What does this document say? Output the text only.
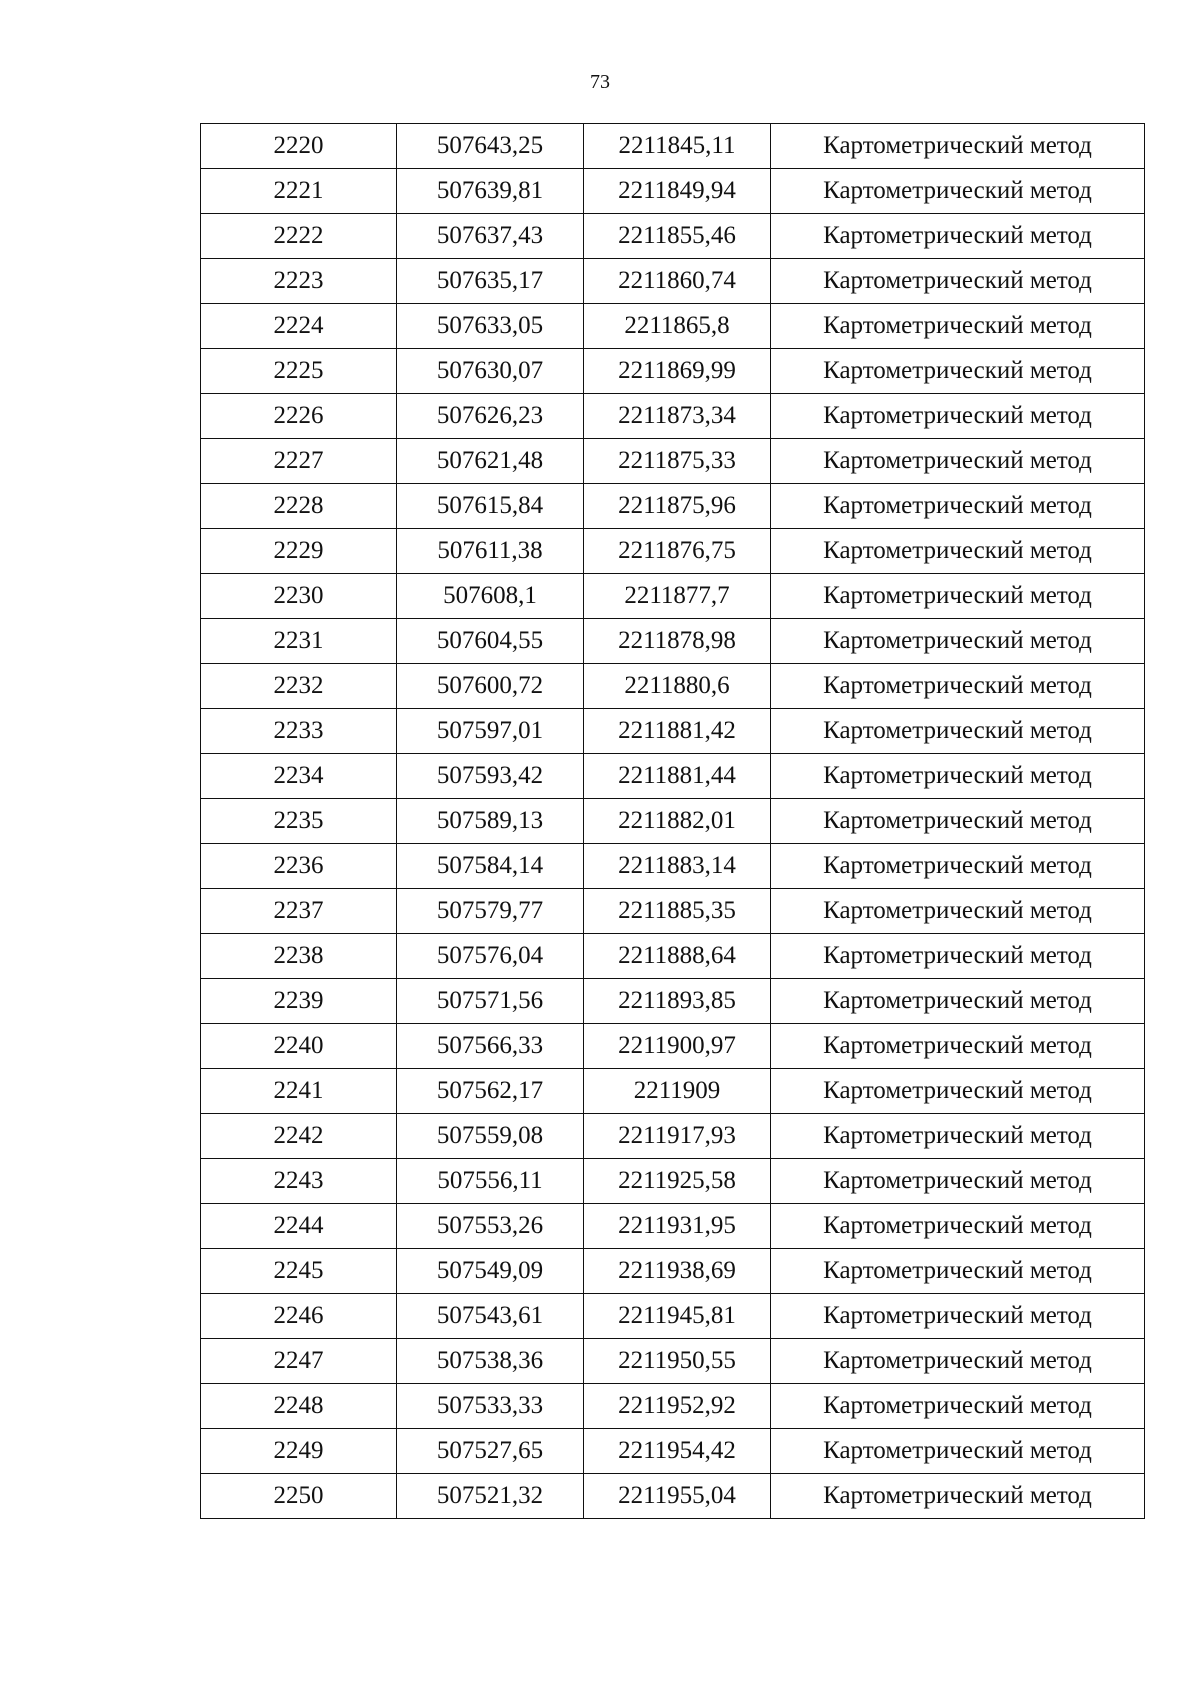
73
2220	507643,25	2211845,11	Картометрический метод
2221	507639,81	2211849,94	Картометрический метод
2222	507637,43	2211855,46	Картометрический метод
2223	507635,17	2211860,74	Картометрический метод
2224	507633,05	2211865,8	Картометрический метод
2225	507630,07	2211869,99	Картометрический метод
2226	507626,23	2211873,34	Картометрический метод
2227	507621,48	2211875,33	Картометрический метод
2228	507615,84	2211875,96	Картометрический метод
2229	507611,38	2211876,75	Картометрический метод
2230	507608,1	2211877,7	Картометрический метод
2231	507604,55	2211878,98	Картометрический метод
2232	507600,72	2211880,6	Картометрический метод
2233	507597,01	2211881,42	Картометрический метод
2234	507593,42	2211881,44	Картометрический метод
2235	507589,13	2211882,01	Картометрический метод
2236	507584,14	2211883,14	Картометрический метод
2237	507579,77	2211885,35	Картометрический метод
2238	507576,04	2211888,64	Картометрический метод
2239	507571,56	2211893,85	Картометрический метод
2240	507566,33	2211900,97	Картометрический метод
2241	507562,17	2211909	Картометрический метод
2242	507559,08	2211917,93	Картометрический метод
2243	507556,11	2211925,58	Картометрический метод
2244	507553,26	2211931,95	Картометрический метод
2245	507549,09	2211938,69	Картометрический метод
2246	507543,61	2211945,81	Картометрический метод
2247	507538,36	2211950,55	Картометрический метод
2248	507533,33	2211952,92	Картометрический метод
2249	507527,65	2211954,42	Картометрический метод
2250	507521,32	2211955,04	Картометрический метод
